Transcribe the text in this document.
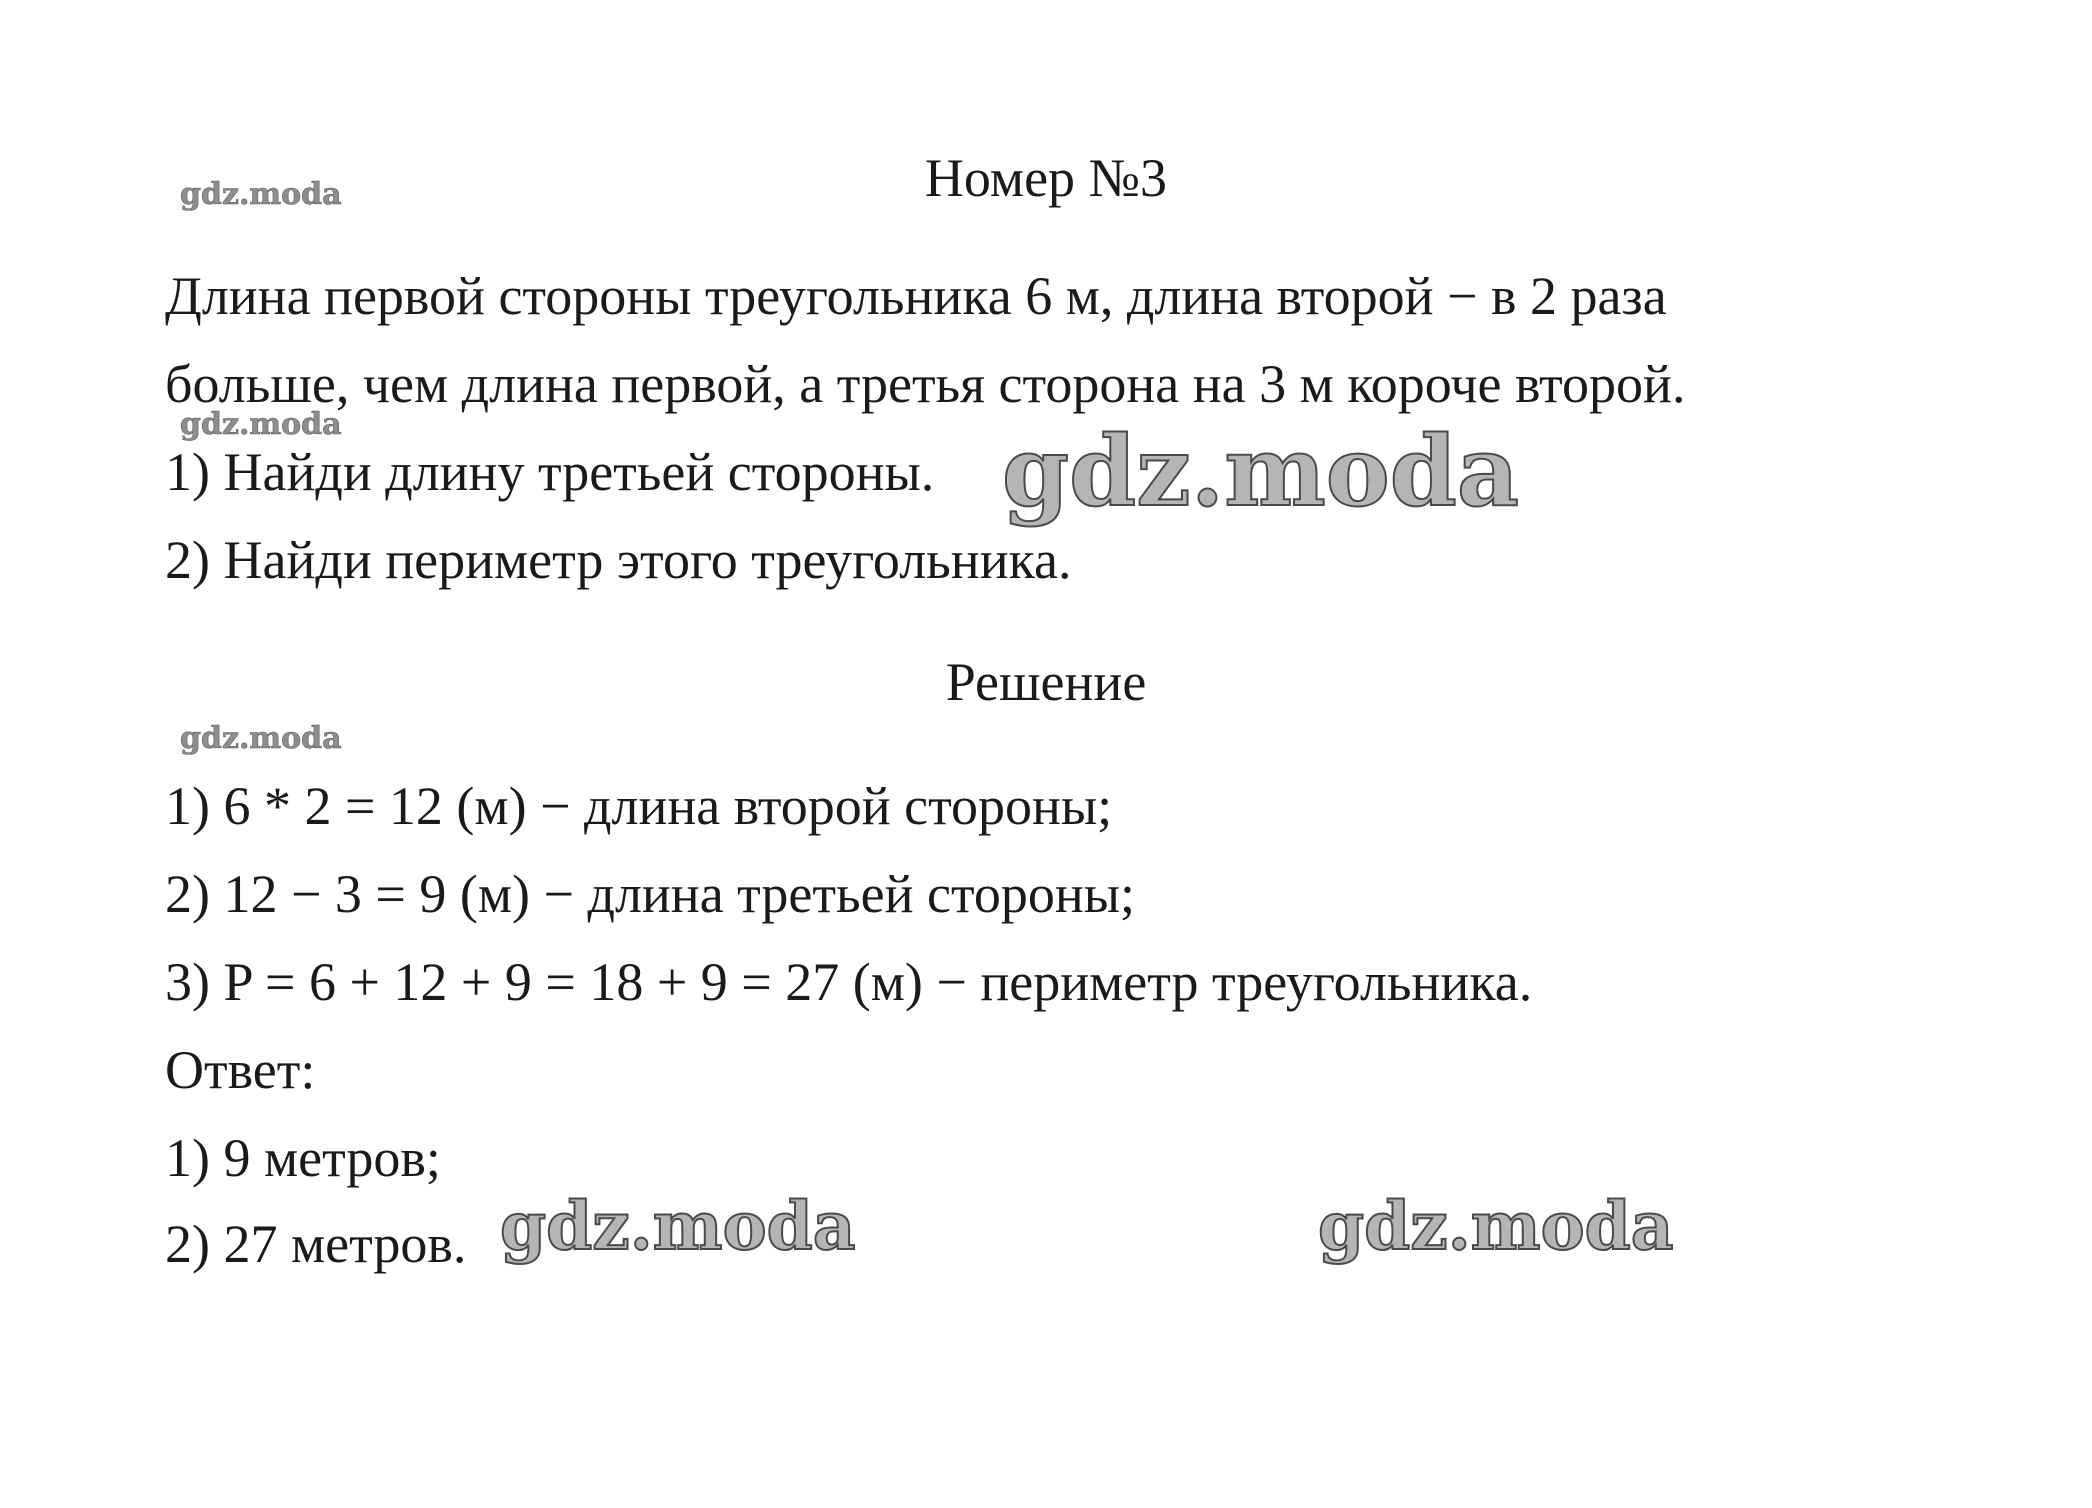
gdz.moda
gdz.moda
gdz.moda
Номер №3
Длина первой стороны треугольника 6 м, длина второй − в 2 раза
больше, чем длина первой, а третья сторона на 3 м короче второй.
1) Найди длину третьей стороны.
2) Найди периметр этого треугольника.
gdz.moda
Решение
1) 6 * 2 = 12 (м) − длина второй стороны;
2) 12 − 3 = 9 (м) − длина третьей стороны;
3) P = 6 + 12 + 9 = 18 + 9 = 27 (м) − периметр треугольника.
Ответ:
1) 9 метров;
2) 27 метров. gdz.moda	gdz.moda
